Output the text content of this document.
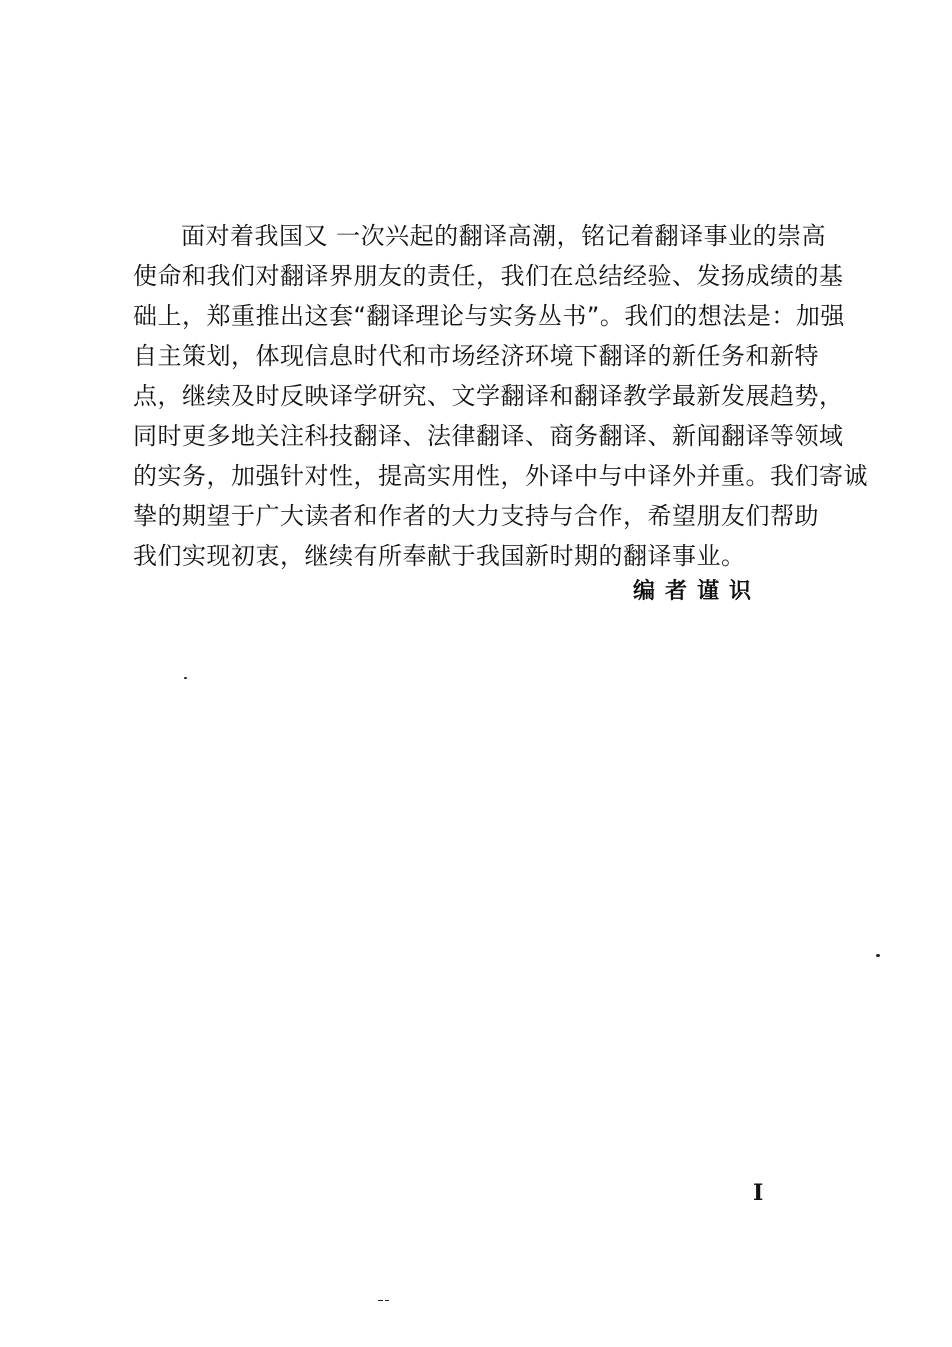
面对着我国又 一次兴起的翻译高潮，铭记着翻译事业的崇高
使命和我们对翻译界朋友的责任，我们在总结经验、发扬成绩的基
础上，郑重推出这套“翻译理论与实务丛书”。我们的想法是：加强
自主策划，体现信息时代和市场经济环境下翻译的新任务和新特
点，继续及时反映译学研究、文学翻译和翻译教学最新发展趋势，
同时更多地关注科技翻译、法律翻译、商务翻译、新闻翻译等领域
的实务，加强针对性，提高实用性，外译中与中译外并重。我们寄诚
挚的期望于广大读者和作者的大力支持与合作，希望朋友们帮助
我们实现初衷，继续有所奉献于我国新时期的翻译事业。
编者谨识
I
